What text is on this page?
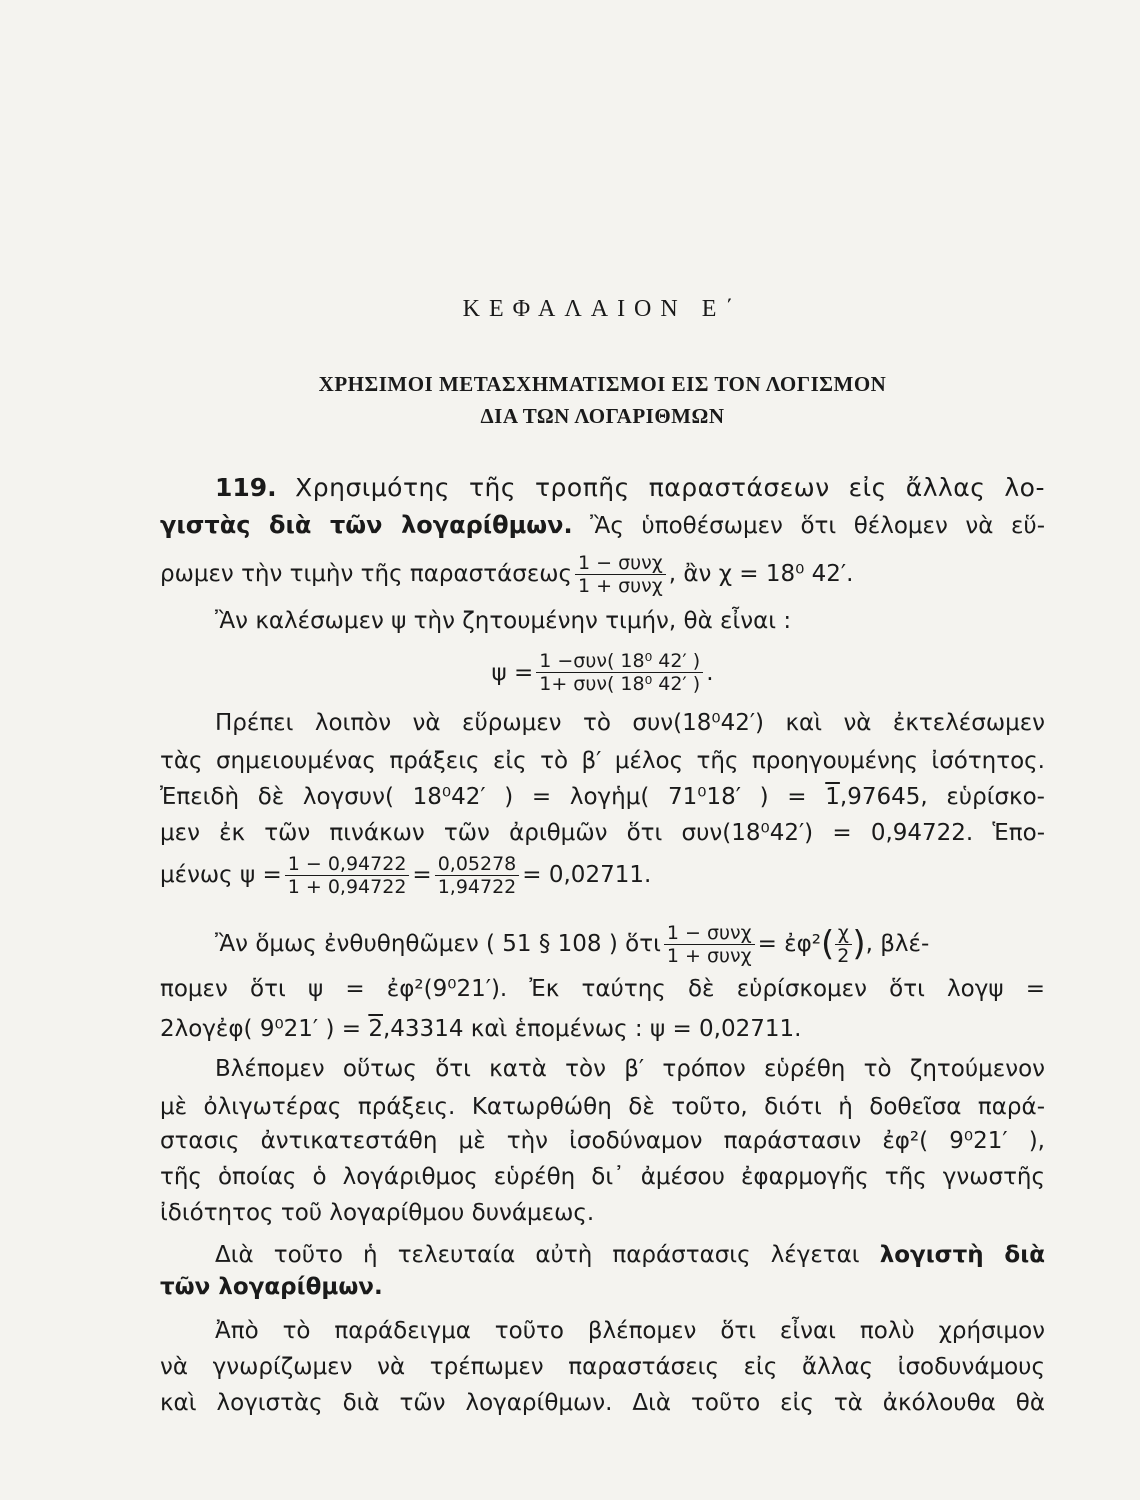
ΚΕΦΑΛΑΙΟΝ Ε΄
ΧΡΗΣΙΜΟΙ ΜΕΤΑΣΧΗΜΑΤΙΣΜΟΙ ΕΙΣ ΤΟΝ ΛΟΓΙΣΜΟΝ
ΔΙΑ ΤΩΝ ΛΟΓΑΡΙΘΜΩΝ
119. Χρησιμότης τῆς τροπῆς παραστάσεων εἰς ἄλλας λο-
γιστὰς διὰ τῶν λογαρίθμων. Ἂς ὑποθέσωμεν ὅτι θέλομεν νὰ εὕ-
ρωμεν τὴν τιμὴν τῆς παραστάσεως 1 − συνχ
1 + συνχ , ἂν χ = 18⁰ 42′.
Ἂν καλέσωμεν ψ τὴν ζητουμένην τιμήν, θὰ εἶναι :
ψ = 1 −συν( 18⁰ 42′ )
1+ συν( 18⁰ 42′ ) .
Πρέπει λοιπὸν νὰ εὕρωμεν τὸ συν(18⁰42′) καὶ νὰ ἐκτελέσωμεν
τὰς σημειουμένας πράξεις εἰς τὸ β′ μέλος τῆς προηγουμένης ἰσότητος.
Ἐπειδὴ δὲ λογσυν( 18⁰42′ ) = λογἡμ( 71⁰18′ ) = 1,97645, εὑρίσκο-
μεν ἐκ τῶν πινάκων τῶν ἀριθμῶν ὅτι συν(18⁰42′) = 0,94722. Ἑπο-
μένως $\psi = \frac{1 - 0,94722}{1 + 0,94722} = \frac{0,05278}{1,94722} = 0,02711$.
Ἂν ὅμως ἐνθυθηθῶμεν ( 51 § 108 ) ὅτι 1 − συνχ
1 + συνχ = ἐφ² ( $\frac{\chi}{2}$ ) , βλέ-
πομεν ὅτι ψ = ἐφ²(9⁰21′). Ἐκ ταύτης δὲ εὑρίσκομεν ὅτι λογψ =
2λογἐφ( 9⁰21′ ) = 2,43314 καὶ ἑπομένως : ψ = 0,02711.
Βλέπομεν οὕτως ὅτι κατὰ τὸν β′ τρόπον εὑρέθη τὸ ζητούμενον
μὲ ὀλιγωτέρας πράξεις. Κατωρθώθη δὲ τοῦτο, διότι ἡ δοθεῖσα παρά-
στασις ἀντικατεστάθη μὲ τὴν ἰσοδύναμον παράστασιν ἐφ²( 9⁰21′ ),
τῆς ὁποίας ὁ λογάριθμος εὑρέθη δι᾽ ἀμέσου ἐφαρμογῆς τῆς γνωστῆς
ἰδιότητος τοῦ λογαρίθμου δυνάμεως.
Διὰ τοῦτο ἡ τελευταία αὐτὴ παράστασις λέγεται λογιστὴ διὰ
τῶν λογαρίθμων.
Ἀπὸ τὸ παράδειγμα τοῦτο βλέπομεν ὅτι εἶναι πολὺ χρήσιμον
νὰ γνωρίζωμεν νὰ τρέπωμεν παραστάσεις εἰς ἄλλας ἰσοδυνάμους
καὶ λογιστὰς διὰ τῶν λογαρίθμων. Διὰ τοῦτο εἰς τὰ ἀκόλουθα θὰ
